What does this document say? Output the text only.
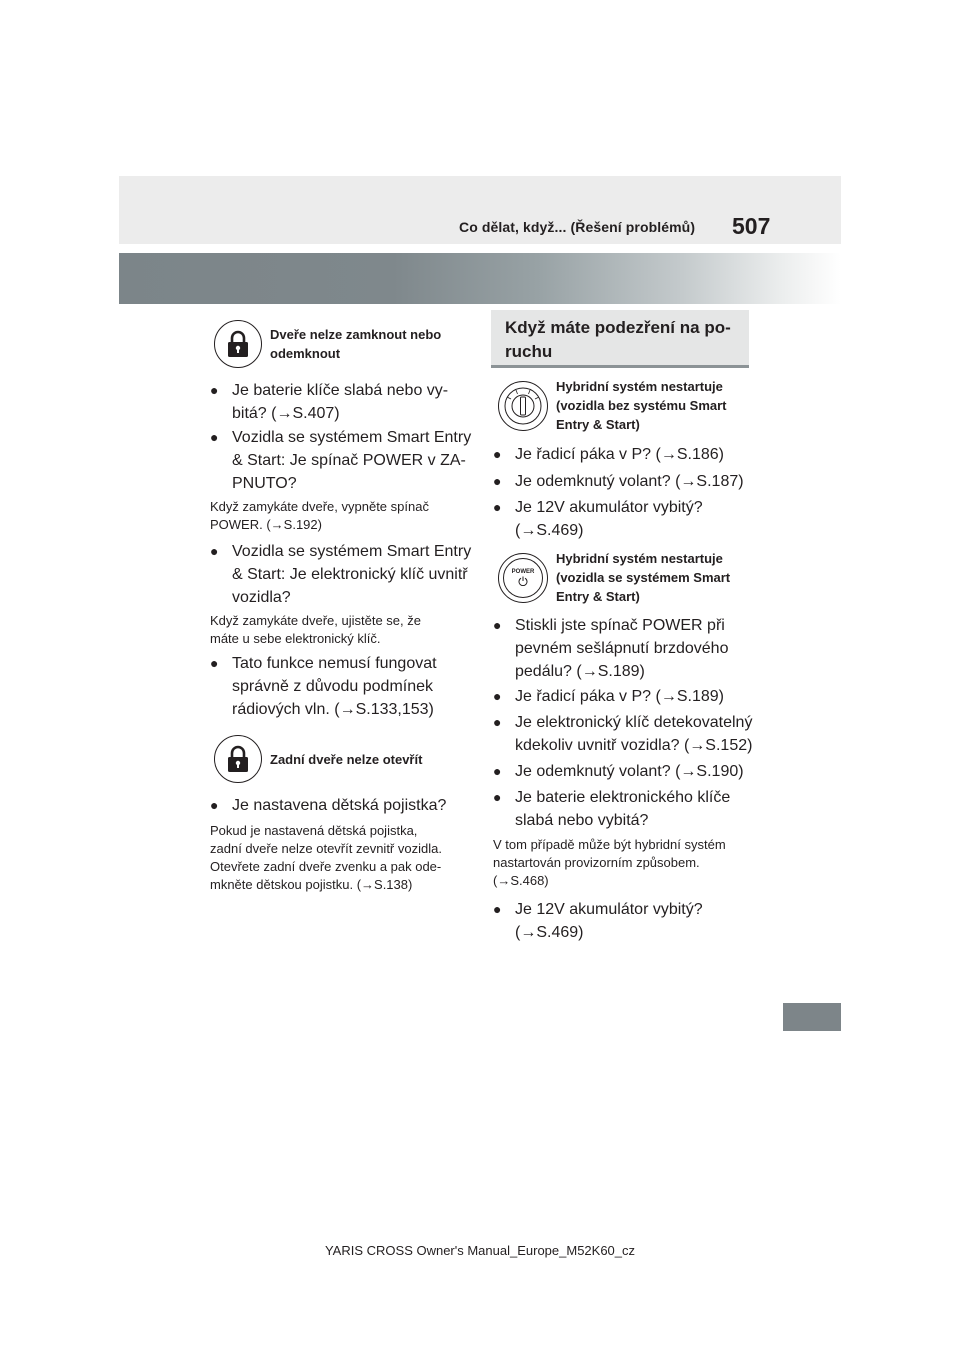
Co dělat, když... (Řešení problémů) 507
Dveře nelze zamknout nebo odemknout
● Je baterie klíče slabá nebo vy-
bitá? (→S.407)
● Vozidla se systémem Smart Entry
& Start: Je spínač POWER v ZA-
PNUTO?
Když zamykáte dveře, vypněte spínač
POWER. (→S.192)
● Vozidla se systémem Smart Entry
& Start: Je elektronický klíč uvnitř
vozidla?
Když zamykáte dveře, ujistěte se, že
máte u sebe elektronický klíč.
● Tato funkce nemusí fungovat
správně z důvodu podmínek
rádiových vln. (→S.133,153)
Zadní dveře nelze otevřít
● Je nastavena dětská pojistka?
Pokud je nastavená dětská pojistka,
zadní dveře nelze otevřít zevnitř vozidla.
Otevřete zadní dveře zvenku a pak ode-
mkněte dětskou pojistku. (→S.138)
Když máte podezření na po-
ruchu
Hybridní systém nestartuje
(vozidla bez systému Smart
Entry & Start)
● Je řadicí páka v P? (→S.186)
● Je odemknutý volant? (→S.187)
● Je 12V akumulátor vybitý?
(→S.469)
POWER
Hybridní systém nestartuje
(vozidla se systémem Smart
Entry & Start)
● Stiskli jste spínač POWER při
pevném sešlápnutí brzdového
pedálu? (→S.189)
● Je řadicí páka v P? (→S.189)
● Je elektronický klíč detekovatelný
kdekoliv uvnitř vozidla? (→S.152)
● Je odemknutý volant? (→S.190)
● Je baterie elektronického klíče
slabá nebo vybitá?
V tom případě může být hybridní systém
nastartován provizorním způsobem.
(→S.468)
● Je 12V akumulátor vybitý?
(→S.469)
YARIS CROSS Owner's Manual_Europe_M52K60_cz
